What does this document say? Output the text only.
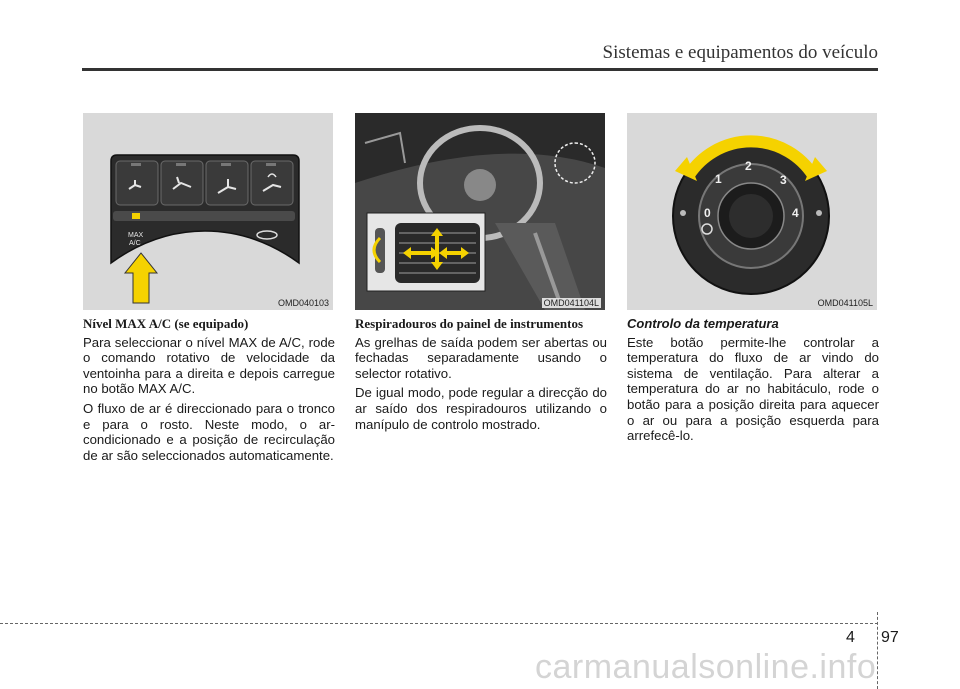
Sistemas e equipamentos do veículo
MAX
A/C
OMD040103	OMD041104L
0
1
2
3
4
OMD041105L

Nível MAX A/C (se equipado)

Para seleccionar o nível MAX de A/C, rode o comando rotativo de velocidade da ventoinha para a direita e depois carregue no botão MAX A/C.

O fluxo de ar é direccionado para o tronco e para o rosto. Neste modo, o ar-condicionado e a posição de recirculação de ar são seleccionados automaticamente.

Respiradouros do painel de instrumentos

As grelhas de saída podem ser abertas ou fechadas separadamente usando o selector rotativo.

De igual modo, pode regular a direcção do ar saído dos respiradouros utilizando o manípulo de controlo mostrado.

Controlo da temperatura

Este botão permite-lhe controlar a temperatura do fluxo de ar vindo do sistema de ventilação. Para alterar a temperatura do ar no habitáculo, rode o botão para a posição direita para aquecer o ar ou para a posição esquerda para arrefecê-lo.

4 97
carmanualsonline.info
